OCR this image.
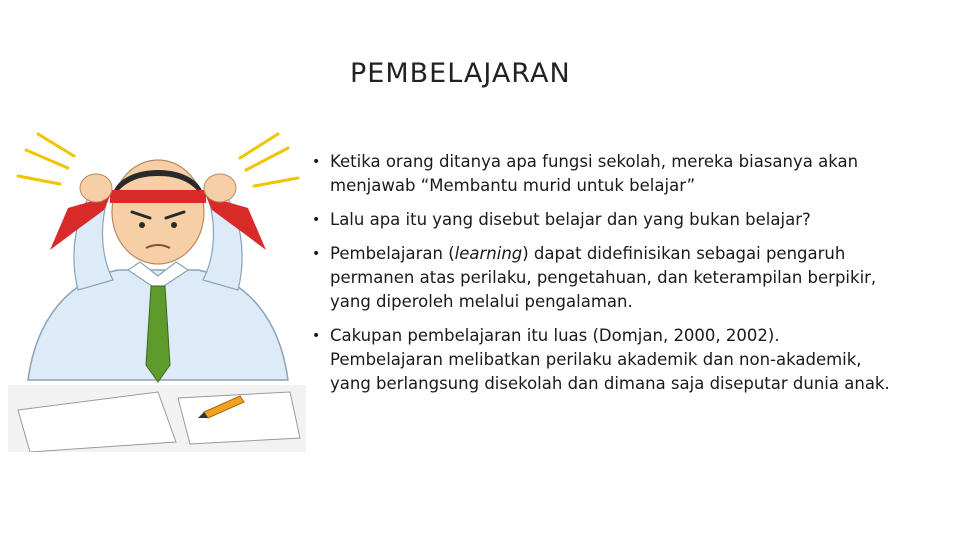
PEMBELAJARAN
• Ketika orang ditanya apa fungsi sekolah, mereka biasanya akan menjawab “Membantu murid untuk belajar”
• Lalu apa itu yang disebut belajar dan yang bukan belajar?
• Pembelajaran (learning) dapat didefinisikan sebagai pengaruh permanen atas perilaku, pengetahuan, dan keterampilan berpikir, yang diperoleh melalui pengalaman.
• Cakupan pembelajaran itu luas (Domjan, 2000, 2002). Pembelajaran melibatkan perilaku akademik dan non-akademik, yang berlangsung disekolah dan dimana saja diseputar dunia anak.
